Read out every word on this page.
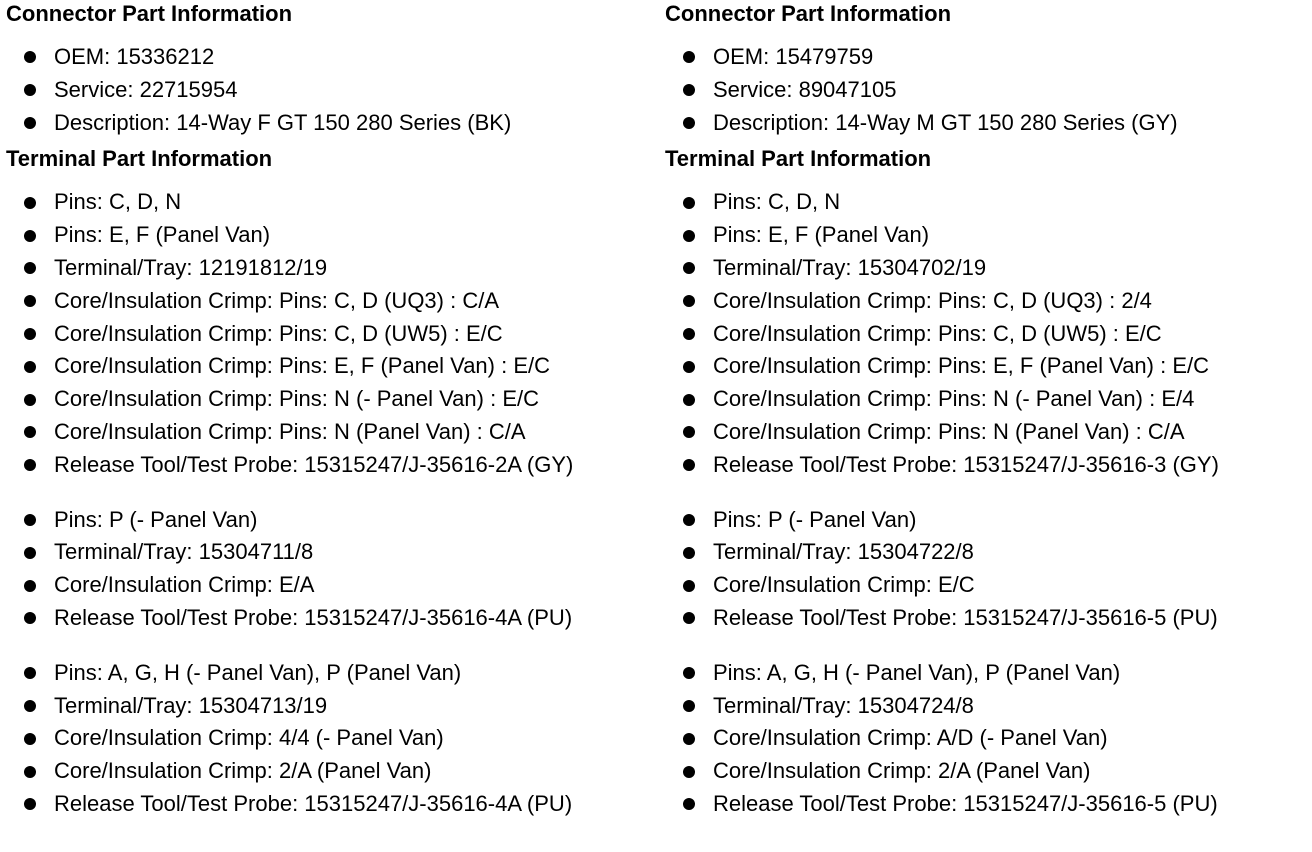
Connector Part Information
OEM: 15336212
Service: 22715954
Description: 14-Way F GT 150 280 Series (BK)
Terminal Part Information
Pins: C, D, N
Pins: E, F (Panel Van)
Terminal/Tray: 12191812/19
Core/Insulation Crimp: Pins: C, D (UQ3) : C/A
Core/Insulation Crimp: Pins: C, D (UW5) : E/C
Core/Insulation Crimp: Pins: E, F (Panel Van) : E/C
Core/Insulation Crimp: Pins: N (- Panel Van) : E/C
Core/Insulation Crimp: Pins: N (Panel Van) : C/A
Release Tool/Test Probe: 15315247/J-35616-2A (GY)
Pins: P (- Panel Van)
Terminal/Tray: 15304711/8
Core/Insulation Crimp: E/A
Release Tool/Test Probe: 15315247/J-35616-4A (PU)
Pins: A, G, H (- Panel Van), P (Panel Van)
Terminal/Tray: 15304713/19
Core/Insulation Crimp: 4/4 (- Panel Van)
Core/Insulation Crimp: 2/A (Panel Van)
Release Tool/Test Probe: 15315247/J-35616-4A (PU)
Connector Part Information
OEM: 15479759
Service: 89047105
Description: 14-Way M GT 150 280 Series (GY)
Terminal Part Information
Pins: C, D, N
Pins: E, F (Panel Van)
Terminal/Tray: 15304702/19
Core/Insulation Crimp: Pins: C, D (UQ3) : 2/4
Core/Insulation Crimp: Pins: C, D (UW5) : E/C
Core/Insulation Crimp: Pins: E, F (Panel Van) : E/C
Core/Insulation Crimp: Pins: N (- Panel Van) : E/4
Core/Insulation Crimp: Pins: N (Panel Van) : C/A
Release Tool/Test Probe: 15315247/J-35616-3 (GY)
Pins: P (- Panel Van)
Terminal/Tray: 15304722/8
Core/Insulation Crimp: E/C
Release Tool/Test Probe: 15315247/J-35616-5 (PU)
Pins: A, G, H (- Panel Van), P (Panel Van)
Terminal/Tray: 15304724/8
Core/Insulation Crimp: A/D (- Panel Van)
Core/Insulation Crimp: 2/A (Panel Van)
Release Tool/Test Probe: 15315247/J-35616-5 (PU)
